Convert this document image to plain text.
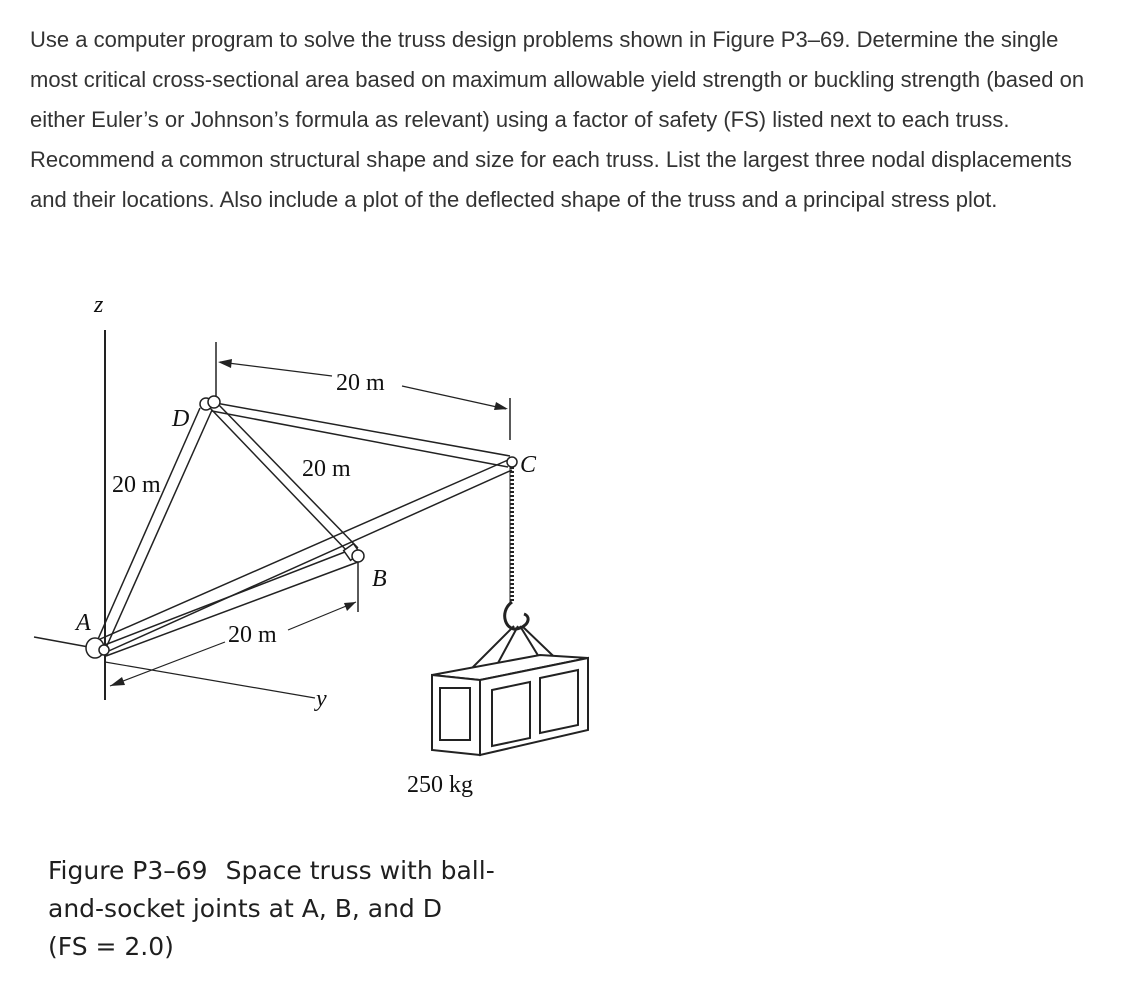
Use a computer program to solve the truss design problems shown in Figure P3–69. Determine the single most critical cross-sectional area based on maximum allowable yield strength or buckling strength (based on either Euler’s or Johnson’s formula as relevant) using a factor of safety (FS) listed next to each truss. Recommend a common structural shape and size for each truss. List the largest three nodal displacements and their locations. Also include a plot of the deflected shape of the truss and a principal stress plot.

z
20 m
D
B
C
A
20 m
20 m
20 m
y
250 kg
Figure P3–69 Space truss with ball-
and-socket joints at A, B, and D
(FS = 2.0)
